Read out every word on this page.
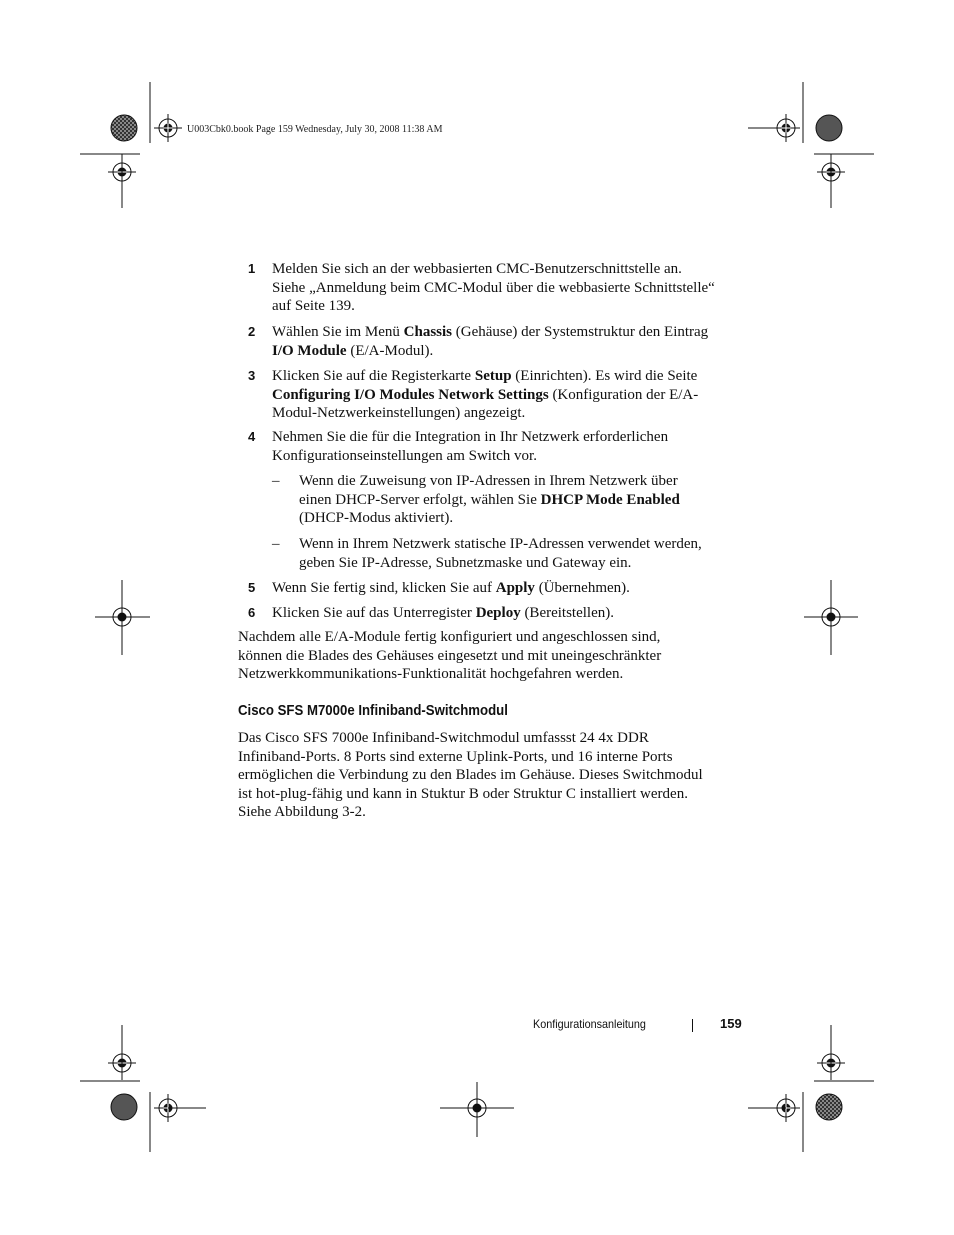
U003Cbk0.book Page 159 Wednesday, July 30, 2008 11:38 AM
1 Melden Sie sich an der webbasierten CMC-Benutzerschnittstelle an.
Siehe „Anmeldung beim CMC-Modul über die webbasierte Schnittstelle“
auf Seite 139.
2 Wählen Sie im Menü Chassis (Gehäuse) der Systemstruktur den Eintrag
I/O Module (E/A-Modul).
3 Klicken Sie auf die Registerkarte Setup (Einrichten). Es wird die Seite
Configuring I/O Modules Network Settings (Konfiguration der E/A-
Modul-Netzwerkeinstellungen) angezeigt.
4 Nehmen Sie die für die Integration in Ihr Netzwerk erforderlichen
Konfigurationseinstellungen am Switch vor.
– Wenn die Zuweisung von IP-Adressen in Ihrem Netzwerk über
einen DHCP-Server erfolgt, wählen Sie DHCP Mode Enabled
(DHCP-Modus aktiviert).
– Wenn in Ihrem Netzwerk statische IP-Adressen verwendet werden,
geben Sie IP-Adresse, Subnetzmaske und Gateway ein.
5 Wenn Sie fertig sind, klicken Sie auf Apply (Übernehmen).
6 Klicken Sie auf das Unterregister Deploy (Bereitstellen).
Nachdem alle E/A-Module fertig konfiguriert und angeschlossen sind,
können die Blades des Gehäuses eingesetzt und mit uneingeschränkter
Netzwerkkommunikations-Funktionalität hochgefahren werden.
Cisco SFS M7000e Infiniband-Switchmodul
Das Cisco SFS 7000e Infiniband-Switchmodul umfassst 24 4x DDR
Infiniband-Ports. 8 Ports sind externe Uplink-Ports, und 16 interne Ports
ermöglichen die Verbindung zu den Blades im Gehäuse. Dieses Switchmodul
ist hot-plug-fähig und kann in Stuktur B oder Struktur C installiert werden.
Siehe Abbildung 3-2.
Konfigurationsanleitung	159
